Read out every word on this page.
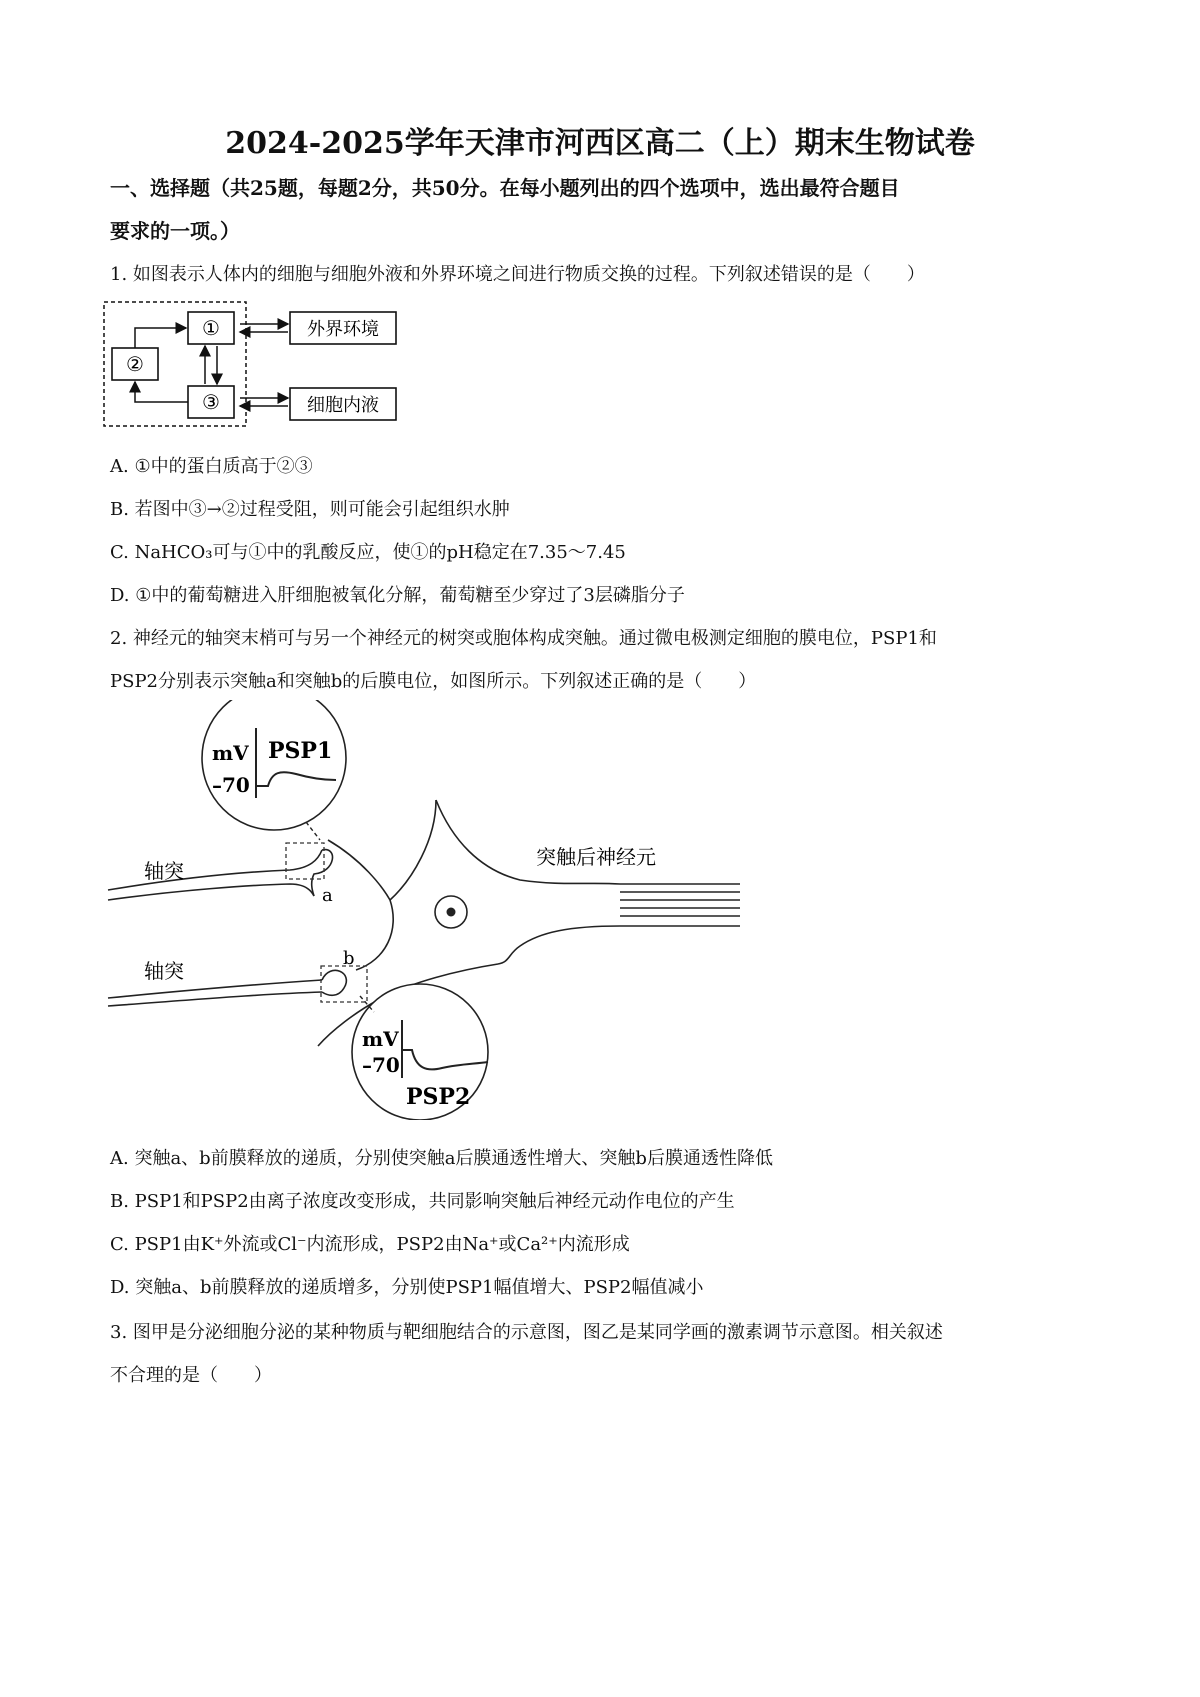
2024-2025学年天津市河西区高二（上）期末生物试卷
一、选择题（共25题，每题2分，共50分。在每小题列出的四个选项中，选出最符合题目
要求的一项。）
1. 如图表示人体内的细胞与细胞外液和外界环境之间进行物质交换的过程。下列叙述错误的是（　　）
①
②
③
外界环境
细胞内液
A. ①中的蛋白质高于②③
B. 若图中③→②过程受阻，则可能会引起组织水肿
C. NaHCO₃可与①中的乳酸反应，使①的pH稳定在7.35～7.45
D. ①中的葡萄糖进入肝细胞被氧化分解，葡萄糖至少穿过了3层磷脂分子
2. 神经元的轴突末梢可与另一个神经元的树突或胞体构成突触。通过微电极测定细胞的膜电位，PSP1和
PSP2分别表示突触a和突触b的后膜电位，如图所示。下列叙述正确的是（　　）
a
b
轴突
轴突
突触后神经元
mV
–70
PSP1
mV
–70
PSP2
A. 突触a、b前膜释放的递质，分别使突触a后膜通透性增大、突触b后膜通透性降低
B. PSP1和PSP2由离子浓度改变形成，共同影响突触后神经元动作电位的产生
C. PSP1由K⁺外流或Cl⁻内流形成，PSP2由Na⁺或Ca²⁺内流形成
D. 突触a、b前膜释放的递质增多，分别使PSP1幅值增大、PSP2幅值减小
3. 图甲是分泌细胞分泌的某种物质与靶细胞结合的示意图，图乙是某同学画的激素调节示意图。相关叙述
不合理的是（　　）
